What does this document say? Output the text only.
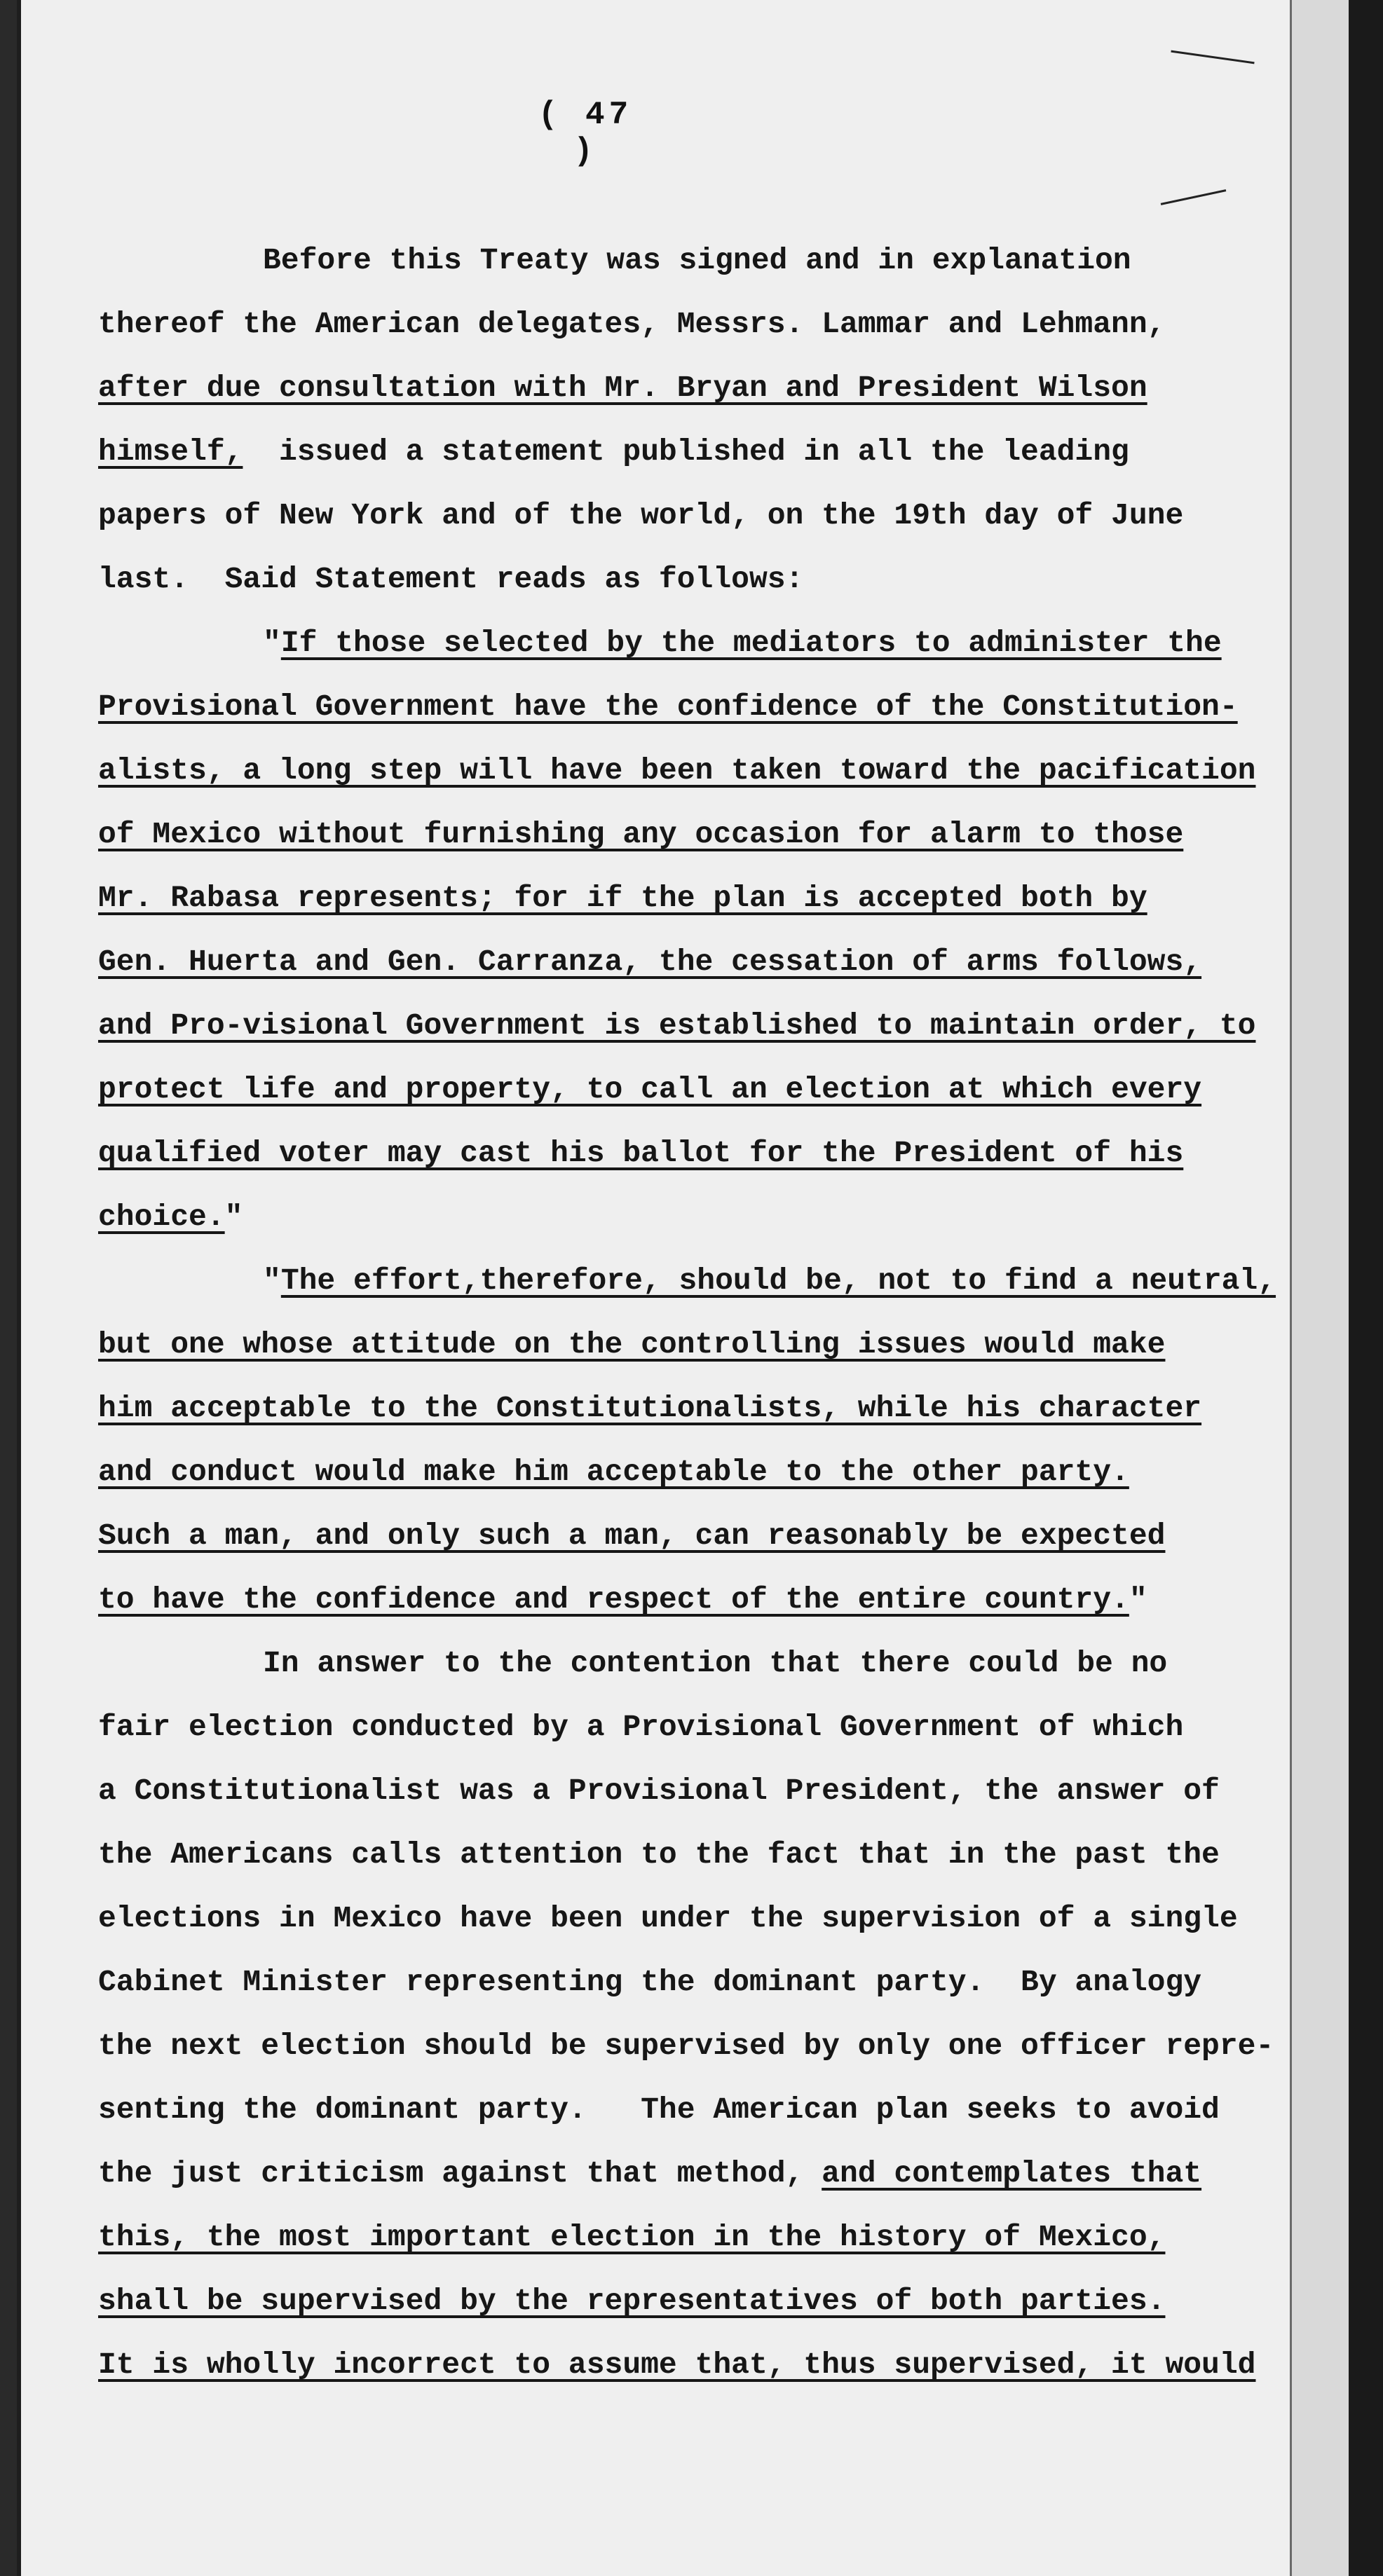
( 47 )
Before this Treaty was signed and in explanation
thereof the American delegates, Messrs. Lammar and Lehmann,
after due consultation with Mr. Bryan and President Wilson
himself,  issued a statement published in all the leading
papers of New York and of the world, on the 19th day of June
last.  Said Statement reads as follows:
"If those selected by the mediators to administer the
Provisional Government have the confidence of the Constitution-
alists, a long step will have been taken toward the pacification
of Mexico without furnishing any occasion for alarm to those
Mr. Rabasa represents; for if the plan is accepted both by
Gen. Huerta and Gen. Carranza, the cessation of arms follows,
and Pro-visional Government is established to maintain order, to
protect life and property, to call an election at which every
qualified voter may cast his ballot for the President of his
choice."
"The effort,therefore, should be, not to find a neutral,
but one whose attitude on the controlling issues would make
him acceptable to the Constitutionalists, while his character
and conduct would make him acceptable to the other party.
Such a man, and only such a man, can reasonably be expected
to have the confidence and respect of the entire country."
In answer to the contention that there could be no
fair election conducted by a Provisional Government of which
a Constitutionalist was a Provisional President, the answer of
the Americans calls attention to the fact that in the past the
elections in Mexico have been under the supervision of a single
Cabinet Minister representing the dominant party.  By analogy
the next election should be supervised by only one officer repre-
senting the dominant party.   The American plan seeks to avoid
the just criticism against that method, and contemplates that
this, the most important election in the history of Mexico,
shall be supervised by the representatives of both parties.
It is wholly incorrect to assume that, thus supervised, it would
